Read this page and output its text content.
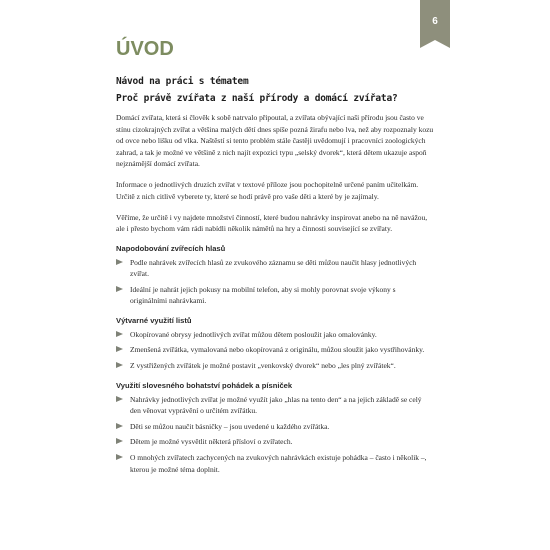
6
ÚVOD
Návod na práci s tématem
Proč právě zvířata z naší přírody a domácí zvířata?

Domácí zvířata, která si člověk k sobě natrvalo připoutal, a zvířata obývající naši přírodu jsou často ve stínu cizokrajných zvířat a většina malých dětí dnes spíše pozná žirafu nebo lva, než aby rozpoznaly kozu od ovce nebo lišku od vlka. Naštěstí si tento problém stále častěji uvědomují i pracovníci zoologických zahrad, a tak je možné ve většině z nich najít expozici typu „selský dvorek“, která dětem ukazuje aspoň nejznámější domácí zvířata.

Informace o jednotlivých druzích zvířat v textové příloze jsou pochopitelně určené paním učitelkám. Určitě z nich citlivě vyberete ty, které se hodí právě pro vaše děti a které by je zajímaly.

Věříme, že určitě i vy najdete množství činností, které budou nahrávky inspirovat anebo na ně navážou, ale i přesto bychom vám rádi nabídli několik námětů na hry a činnosti související se zvířaty.

Napodobování zvířecích hlasů
Podle nahrávek zvířecích hlasů ze zvukového záznamu se děti můžou naučit hlasy jednotlivých zvířat.
Ideální je nahrát jejich pokusy na mobilní telefon, aby si mohly porovnat svoje výkony s originálními nahrávkami.
Výtvarné využití listů
Okopírované obrysy jednotlivých zvířat můžou dětem posloužit jako omalovánky.
Zmenšená zvířátka, vymalovaná nebo okopírovaná z originálu, můžou sloužit jako vystřihovánky.
Z vystřižených zvířátek je možné postavit „venkovský dvorek“ nebo „les plný zvířátek“.
Využití slovesného bohatství pohádek a písniček
Nahrávky jednotlivých zvířat je možné využít jako „hlas na tento den“ a na jejich základě se celý den věnovat vyprávění o určitém zvířátku.
Děti se můžou naučit básničky – jsou uvedené u každého zvířátka.
Dětem je možné vysvětlit některá přísloví o zvířatech.
O mnohých zvířatech zachycených na zvukových nahrávkách existuje pohádka – často i několik –, kterou je možné téma doplnit.
